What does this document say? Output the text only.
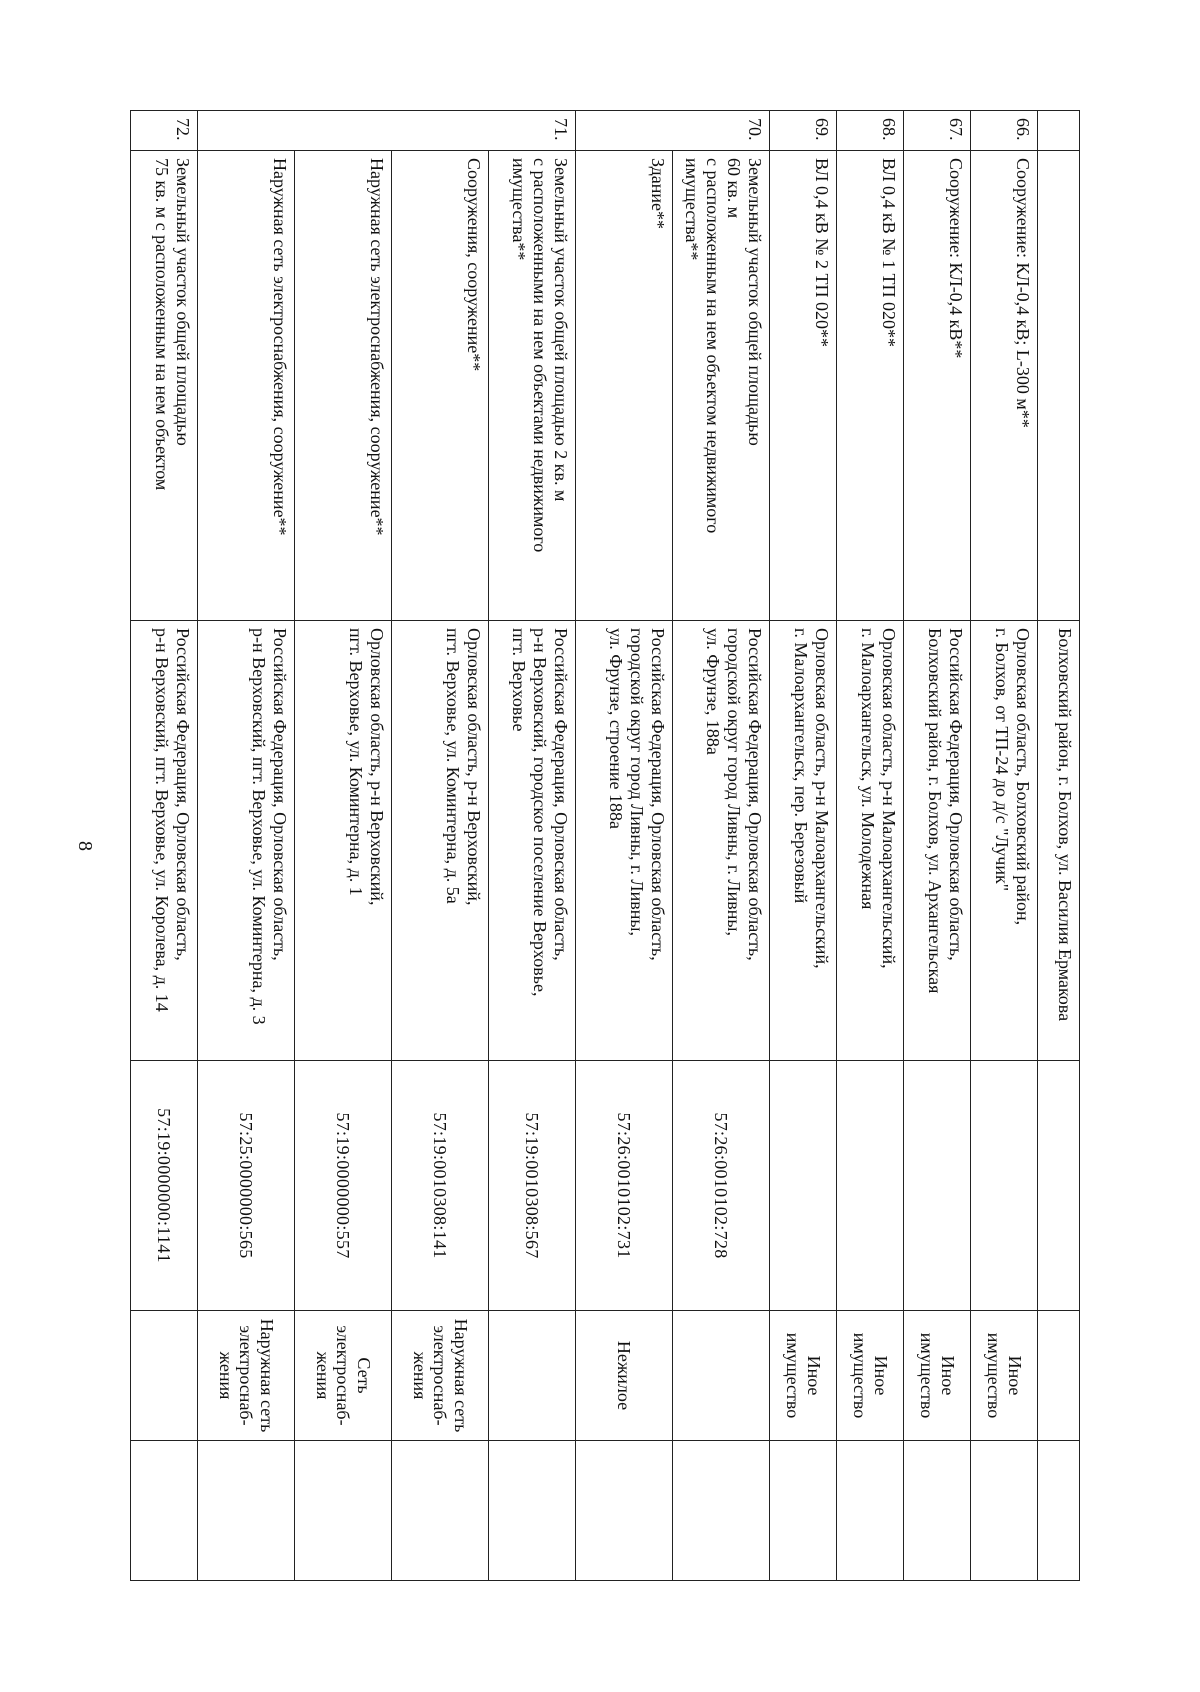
8
			Болховский район, г. Болхов, ул. Василия Ермакова			
66.	Сооружение: КЛ-0,4 кВ; L-300 м**	Орловская область, Болховский район,
г. Болхов, от ТП-24 до д/с "Лучик"		Иное имущество	
67.	Сооружение: КЛ-0,4 кВ**	Российская Федерация, Орловская область,
Болховский район, г. Болхов, ул. Архангельская		Иное имущество	
68.	ВЛ 0,4 кВ № 1 ТП 020**	Орловская область, р-н Малоархангельский,
г. Малоархангельск, ул. Молодежная		Иное имущество	
69.	ВЛ 0,4 кВ № 2 ТП 020**	Орловская область, р-н Малоархангельский,
г. Малоархангельск, пер. Березовый		Иное имущество	
70.	Земельный участок общей площадью
60 кв. м
с расположенным на нем объектом недвижимого
имущества**	Российская Федерация, Орловская область,
городской округ город Ливны, г. Ливны,
ул. Фрунзе, 188а	57:26:0010102:728		
	Здание**	Российская Федерация, Орловская область,
городской округ город Ливны, г. Ливны,
ул. Фрунзе, строение 188а	57:26:0010102:731	Нежилое	
71.	Земельный участок общей площадью 2 кв. м
с расположенными на нем объектами недвижимого
имущества**	Российская Федерация, Орловская область,
р-н Верховский, городское поселение Верховье,
пгт. Верховье	57:19:0010308:567		
	Сооружения, сооружение**	Орловская область, р-н Верховский,
пгт. Верховье, ул. Коминтерна, д. 5а	57:19:0010308:141	Наружная сеть
электроснаб-
жения	
	Наружная сеть электроснабжения, сооружение**	Орловская область, р-н Верховский,
пгт. Верховье, ул. Коминтерна, д. 1	57:19:0000000:557	Сеть
электроснаб-
жения	
	Наружная сеть электроснабжения, сооружение**	Российская Федерация, Орловская область,
р-н Верховский, пгт. Верховье, ул. Коминтерна, д. 3	57:25:0000000:565	Наружная сеть
электроснаб-
жения	
72.	Земельный участок общей площадью
75 кв. м с расположенным на нем объектом	Российская Федерация, Орловская область,
р-н Верховский, пгт. Верховье, ул. Королева, д. 14	57:19:0000000:1141		
